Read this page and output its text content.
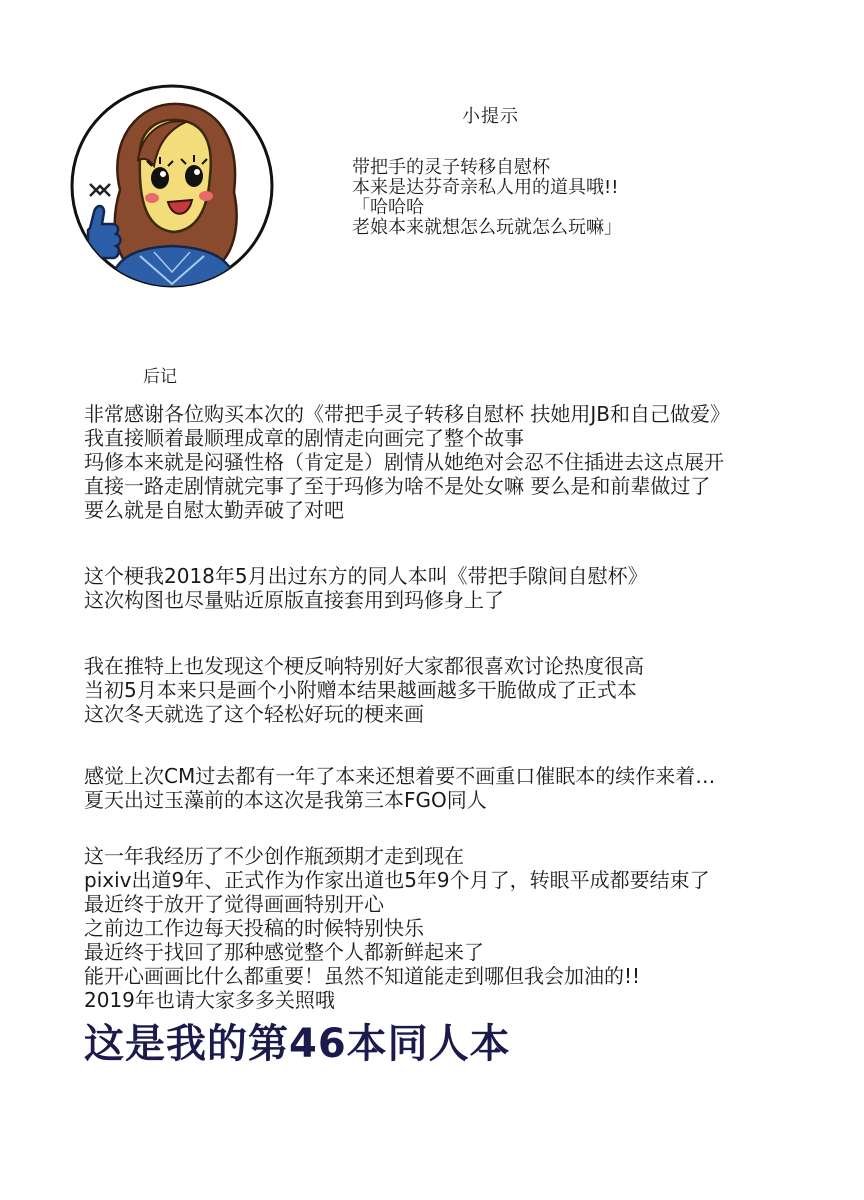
小提示
带把手的灵子转移自慰杯
本来是达芬奇亲私人用的道具哦!!
「哈哈哈
老娘本来就想怎么玩就怎么玩嘛」
后记
非常感谢各位购买本次的《带把手灵子转移自慰杯 扶她用JB和自己做爱》
我直接顺着最顺理成章的剧情走向画完了整个故事
玛修本来就是闷骚性格（肯定是）剧情从她绝对会忍不住插进去这点展开
直接一路走剧情就完事了至于玛修为啥不是处女嘛 要么是和前辈做过了
要么就是自慰太勤弄破了对吧
这个梗我2018年5月出过东方的同人本叫《带把手隙间自慰杯》
这次构图也尽量贴近原版直接套用到玛修身上了
我在推特上也发现这个梗反响特别好大家都很喜欢讨论热度很高
当初5月本来只是画个小附赠本结果越画越多干脆做成了正式本
这次冬天就选了这个轻松好玩的梗来画
感觉上次CM过去都有一年了本来还想着要不画重口催眠本的续作来着…
夏天出过玉藻前的本这次是我第三本FGO同人
这一年我经历了不少创作瓶颈期才走到现在
pixiv出道9年、正式作为作家出道也5年9个月了，转眼平成都要结束了
最近终于放开了觉得画画特别开心
之前边工作边每天投稿的时候特别快乐
最近终于找回了那种感觉整个人都新鲜起来了
能开心画画比什么都重要！虽然不知道能走到哪但我会加油的!!
2019年也请大家多多关照哦
这是我的第46本同人本
